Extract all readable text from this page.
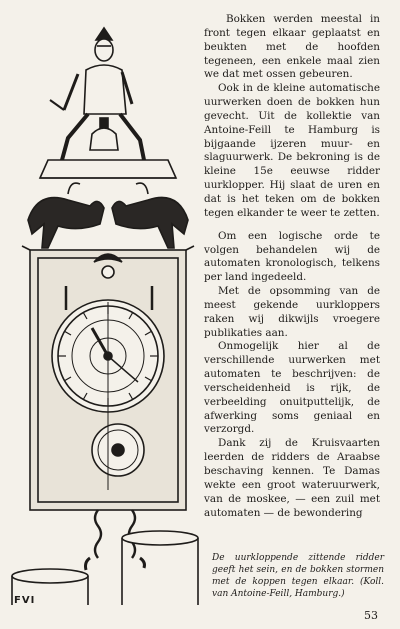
Bokken werden meestal in front tegen elkaar geplaatst en beukten met de hoofden tegeneen, een enkele maal zien we dat met ossen gebeuren.

Ook in de kleine automatische uurwerken doen de bokken hun gevecht. Uit de kollektie van Antoine-Feill te Hamburg is bijgaande ijzeren muur- en slaguurwerk. De bekroning is de kleine 15e eeuwse ridder uurklopper. Hij slaat de uren en dat is het teken om de bokken tegen elkander te weer te zetten.

Om een logische orde te volgen behandelen wij de automaten kronologisch, telkens per land ingedeeld.

Met de opsomming van de meest gekende uurkloppers raken wij dikwijls vroegere publikaties aan.

Onmogelijk hier al de verschillende uurwerken met automaten te beschrijven: de verscheidenheid is rijk, de verbeelding onuitputtelijk, de afwerking soms geniaal en verzorgd.

Dank zij de Kruisvaarten leerden de ridders de Araabse beschaving kennen. Te Damas wekte een groot wateruurwerk, van de moskee, — een zuil met automaten — de bewondering

De uurkloppende zittende ridder geeft het sein, en de bokken stormen met de koppen tegen elkaar. (Koll. van Antoine-Feill, Hamburg.)
FVI
53
